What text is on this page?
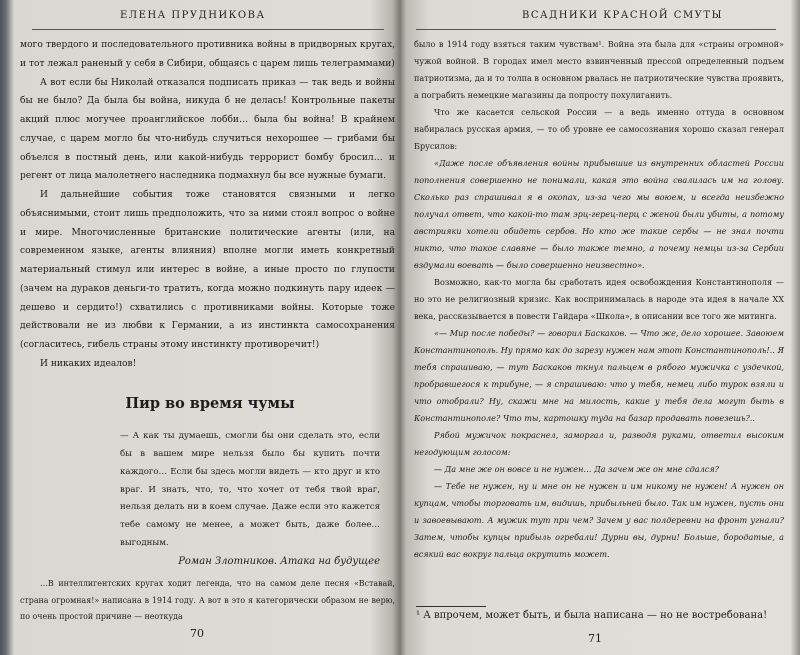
ЕЛЕНА ПРУДНИКОВА

мого твердого и последовательного противника войны в придворных кругах, и тот лежал раненый у себя в Сибири, общаясь с царем лишь телеграммами)

А вот если бы Николай отказался подписать приказ — так ведь и войны бы не было? Да была бы война, никуда б не делась! Контрольные пакеты акций плюс могучее проанглийское лобби… была бы война! В крайнем случае, с царем могло бы что-нибудь случиться нехорошее — грибами бы объелся в постный день, или какой-нибудь террорист бомбу бросил… и регент от лица малолетнего наследника подмахнул бы все нужные бумаги.

И дальнейшие события тоже становятся связными и легко объяснимыми, стоит лишь предположить, что за ними стоял вопрос о войне и мире. Многочисленные британские политические агенты (или, на современном языке, агенты влияния) вполне могли иметь конкретный материальный стимул или интерес в войне, а иные просто по глупости (зачем на дураков деньги-то тратить, когда можно подкинуть пару идеек — дешево и сердито!) схватились с противниками войны. Которые тоже действовали не из любви к Германии, а из инстинкта самосохранения (согласитесь, гибель страны этому инстинкту противоречит!)

И никаких идеалов!

Пир во время чумы

— А как ты думаешь, смогли бы они сделать это, если бы в вашем мире нельзя было бы купить почти каждого… Если бы здесь могли видеть — кто друг и кто враг. И знать, что, то, что хочет от тебя твой враг, нельзя делать ни в коем случае. Даже если это кажется тебе самому не менее, а может быть, даже более… выгодным.

Роман Злотников. Атака на будущее

…В интеллигентских кругах ходит легенда, что на самом деле песня «Вставай, страна огромная!» написана в 1914 году. А вот в это я категорически образом не верю, по очень простой причине — неоткуда
70
ВСАДНИКИ КРАСНОЙ СМУТЫ

было в 1914 году взяться таким чувствам¹. Война эта была для «страны огромной» чужой войной. В городах имел место взвинченный прессой определенный подъем патриотизма, да и то толпа в основном рвалась не патриотические чувства проявить, а пограбить немецкие магазины да попросту похулиганить.

Что же касается сельской России — а ведь именно оттуда в основном набиралась русская армия, — то об уровне ее самосознания хорошо сказал генерал Брусилов:

«Даже после объявления войны прибывшие из внутренних областей России пополнения совершенно не понимали, какая это война свалилась им на голову. Сколько раз спрашивал я в окопах, из-за чего мы воюем, и всегда неизбежно получал ответ, что какой-то там эрц-герец-перц с женой были убиты, а потому австрияки хотели обидеть сербов. Но кто же такие сербы — не знал почти никто, что такое славяне — было также темно, а почему немцы из-за Сербии вздумали воевать — было совершенно неизвестно».

Возможно, как-то могла бы сработать идея освобождения Константинополя — но это не религиозный кризис. Как воспринималась в народе эта идея в начале XX века, рассказывается в повести Гайдара «Школа», в описании все того же митинга.

«— Мир после победы? — говорил Баскаков. — Что же, дело хорошее. Завоюем Константинополь. Ну прямо как до зарезу нужен нам этот Константинополь!.. Я тебя спрашиваю, — тут Баскаков ткнул пальцем в рябого мужичка с уздечкой, пробравшегося к трибуне, — я спрашиваю: что у тебя, немец либо турок взяли и что отобрали? Ну, скажи мне на милость, какие у тебя дела могут быть в Константинополе? Что ты, картошку туда на базар продавать повезешь?..

Рябой мужичок покраснел, заморгал и, разводя руками, ответил высоким негодующим голосом:

— Да мне же он вовсе и не нужен… Да зачем же он мне сдался?

— Тебе не нужен, ну и мне он не нужен и им никому не нужен! А нужен он купцам, чтобы торговать им, видишь, прибыльней было. Так им нужен, пусть они и завоевывают. А мужик тут при чем? Зачем у вас полдеревни на фронт угнали? Затем, чтобы купцы прибыль огребали! Дурни вы, дурни! Больше, бородатые, а всякий вас вокруг пальца окрутить может.

¹ А впрочем, может быть, и была написана — но не востребована!
71
